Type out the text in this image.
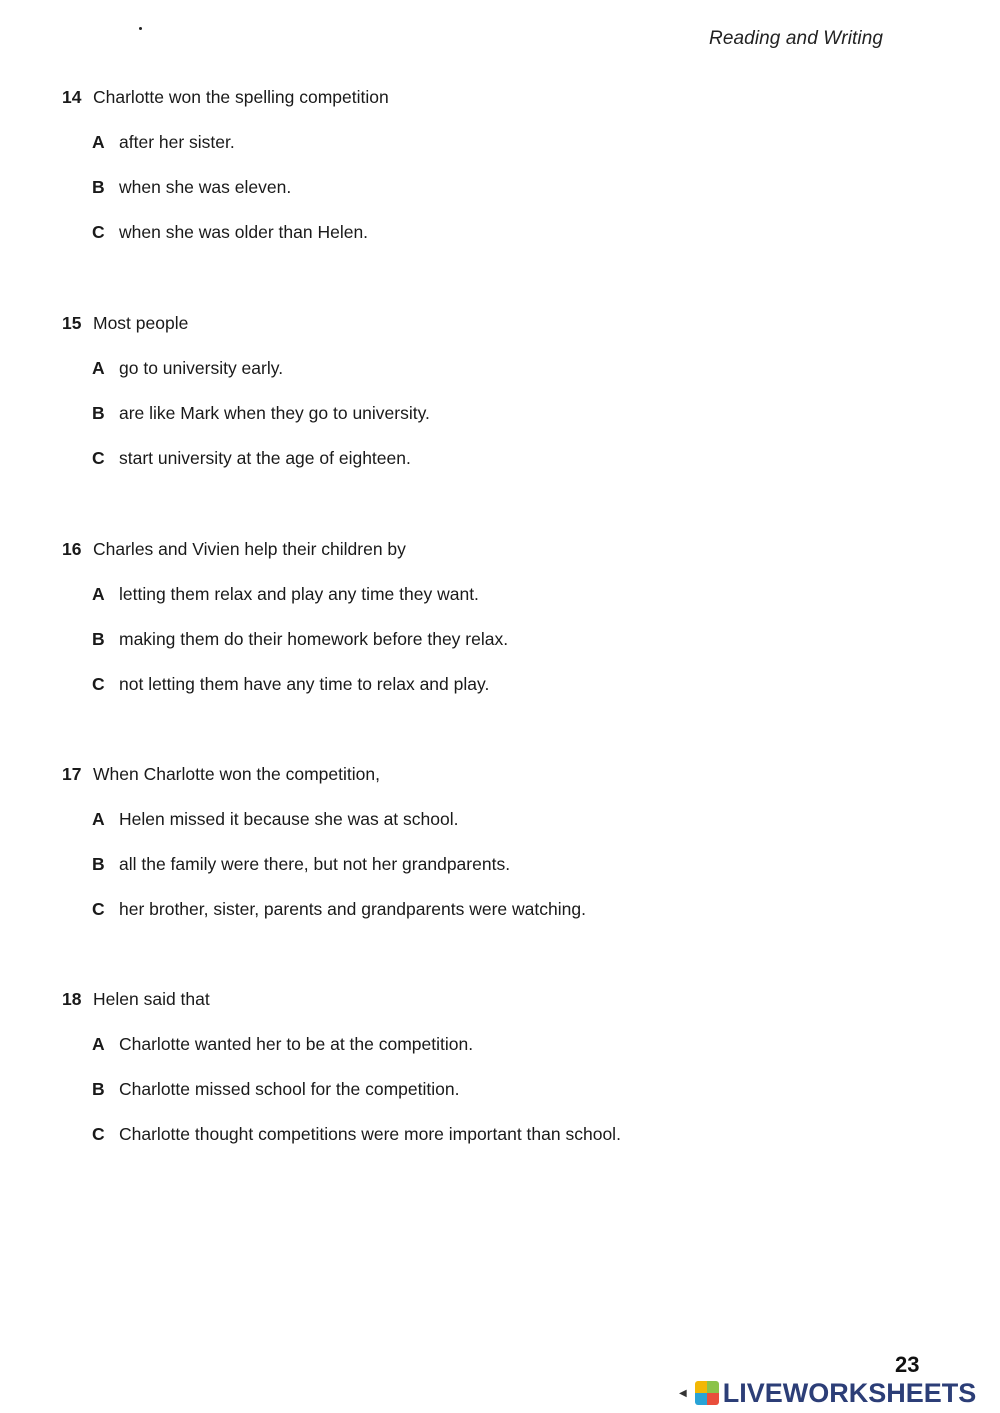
Reading and Writing
14 Charlotte won the spelling competition
A after her sister.
B when she was eleven.
C when she was older than Helen.
15 Most people
A go to university early.
B are like Mark when they go to university.
C start university at the age of eighteen.
16 Charles and Vivien help their children by
A letting them relax and play any time they want.
B making them do their homework before they relax.
C not letting them have any time to relax and play.
17 When Charlotte won the competition,
A Helen missed it because she was at school.
B all the family were there, but not her grandparents.
C her brother, sister, parents and grandparents were watching.
18 Helen said that
A Charlotte wanted her to be at the competition.
B Charlotte missed school for the competition.
C Charlotte thought competitions were more important than school.
23
◀ LIVEWORKSHEETS
